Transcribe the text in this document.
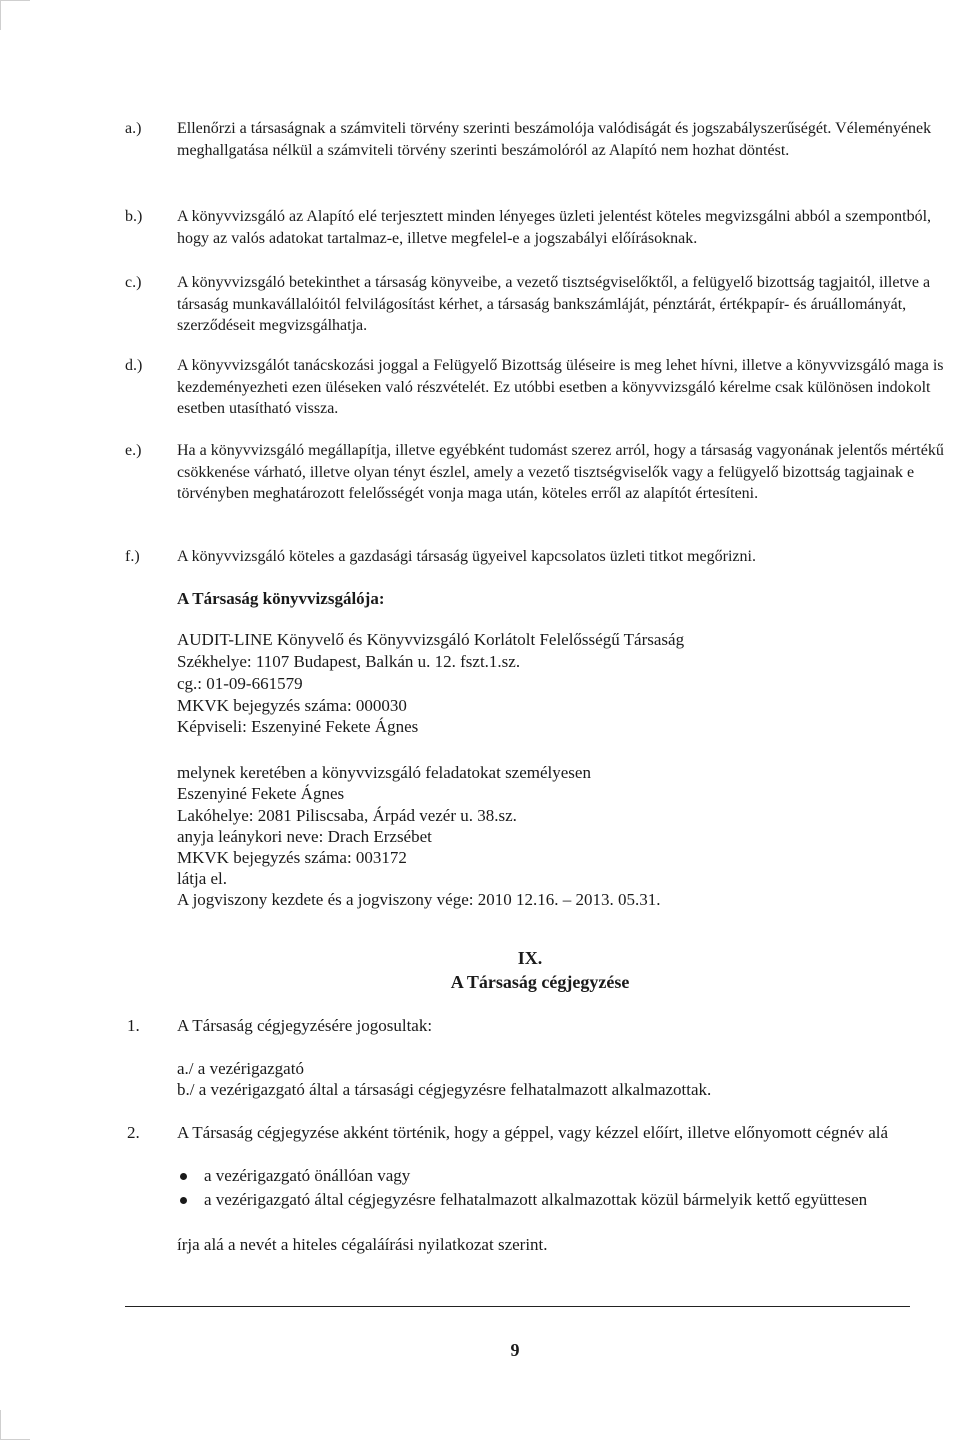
a.) Ellenőrzi a társaságnak a számviteli törvény szerinti beszámolója valódiságát és jogszabályszerűségét. Véleményének meghallgatása nélkül a számviteli törvény szerinti beszámolóról az Alapító nem hozhat döntést.
b.) A könyvvizsgáló az Alapító elé terjesztett minden lényeges üzleti jelentést köteles megvizsgálni abból a szempontból, hogy az valós adatokat tartalmaz-e, illetve megfelel-e a jogszabályi előírásoknak.
c.) A könyvvizsgáló betekinthet a társaság könyveibe, a vezető tisztségviselőktől, a felügyelő bizottság tagjaitól, illetve a társaság munkavállalóitól felvilágosítást kérhet, a társaság bankszámláját, pénztárát, értékpapír- és áruállományát, szerződéseit megvizsgálhatja.
d.) A könyvvizsgálót tanácskozási joggal a Felügyelő Bizottság üléseire is meg lehet hívni, illetve a könyvvizsgáló maga is kezdeményezheti ezen üléseken való részvételét. Ez utóbbi esetben a könyvvizsgáló kérelme csak különösen indokolt esetben utasítható vissza.
e.) Ha a könyvvizsgáló megállapítja, illetve egyébként tudomást szerez arról, hogy a társaság vagyonának jelentős mértékű csökkenése várható, illetve olyan tényt észlel, amely a vezető tisztségviselők vagy a felügyelő bizottság tagjainak e törvényben meghatározott felelősségét vonja maga után, köteles erről az alapítót értesíteni.
f.) A könyvvizsgáló köteles a gazdasági társaság ügyeivel kapcsolatos üzleti titkot megőrizni.
A Társaság könyvvizsgálója:
AUDIT-LINE Könyvelő és Könyvvizsgáló Korlátolt Felelősségű Társaság
Székhelye: 1107 Budapest, Balkán u. 12. fszt.1.sz.
cg.: 01-09-661579
MKVK bejegyzés száma: 000030
Képviseli: Eszenyiné Fekete Ágnes
melynek keretében a könyvvizsgáló feladatokat személyesen
Eszenyiné Fekete Ágnes
Lakóhelye: 2081 Piliscsaba, Árpád vezér u. 38.sz.
anyja leánykori neve: Drach Erzsébet
MKVK bejegyzés száma: 003172
látja el.
A jogviszony kezdete és a jogviszony vége: 2010 12.16. – 2013. 05.31.
IX.
A Társaság cégjegyzése
1. A Társaság cégjegyzésére jogosultak:
a./ a vezérigazgató
b./ a vezérigazgató által a társasági cégjegyzésre felhatalmazott alkalmazottak.
2. A Társaság cégjegyzése akként történik, hogy a géppel, vagy kézzel előírt, illetve előnyomott cégnév alá
a vezérigazgató önállóan vagy
a vezérigazgató által cégjegyzésre felhatalmazott alkalmazottak közül bármelyik kettő együttesen
írja alá a nevét a hiteles cégaláírási nyilatkozat szerint.
9
